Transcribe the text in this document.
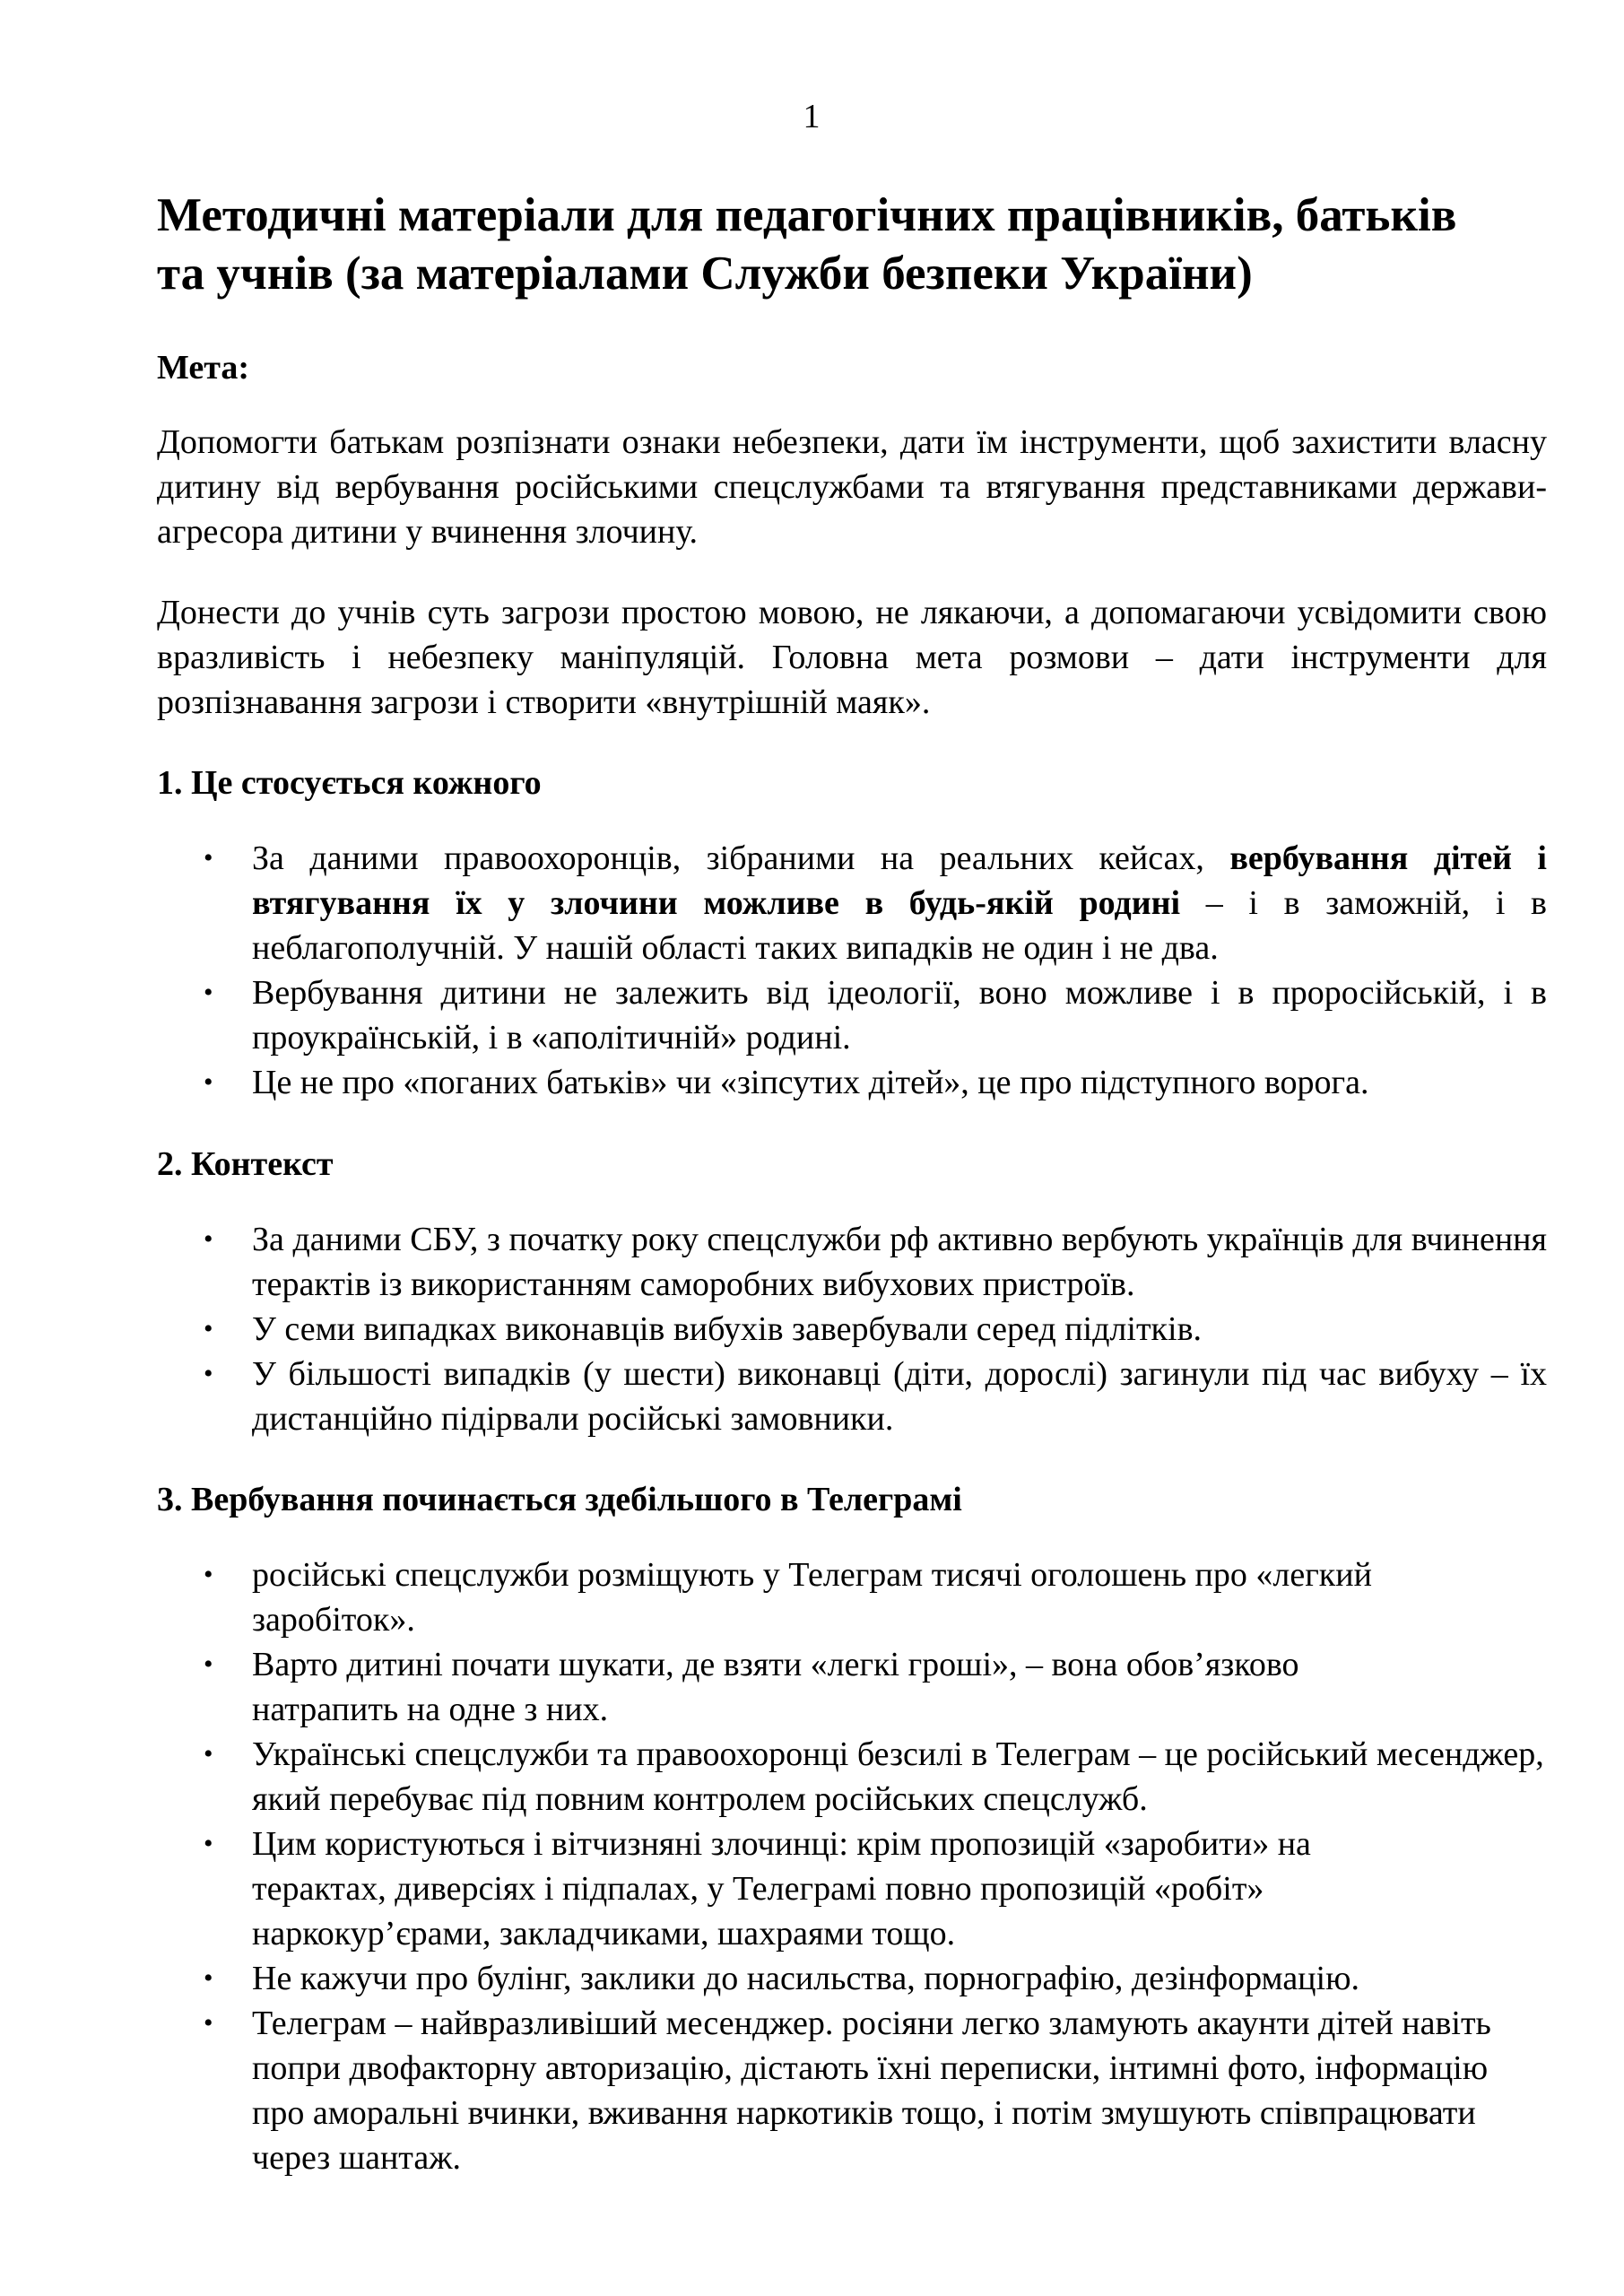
1
Методичні матеріали для педагогічних працівників, батьків
та учнів (за матеріалами Служби безпеки України)

Мета:

Допомогти батькам розпізнати ознаки небезпеки, дати їм інструменти, щоб захистити власну дитину від вербування російськими спецслужбами та втягування представниками держави-агресора дитини у вчинення злочину.

Донести до учнів суть загрози простою мовою, не лякаючи, а допомагаючи усвідомити свою вразливість і небезпеку маніпуляцій. Головна мета розмови – дати інструменти для розпізнавання загрози і створити «внутрішній маяк».

1. Це стосується кожного
• За даними правоохоронців, зібраними на реальних кейсах, вербування дітей і втягування їх у злочини можливе в будь-якій родині – і в заможній, і в неблагополучній. У нашій області таких випадків не один і не два.
• Вербування дитини не залежить від ідеології, воно можливе і в проросійській, і в проукраїнській, і в «аполітичній» родині.
• Це не про «поганих батьків» чи «зіпсутих дітей», це про підступного ворога.
2. Контекст
• За даними СБУ, з початку року спецслужби рф активно вербують українців для вчинення терактів із використанням саморобних вибухових пристроїв.
• У семи випадках виконавців вибухів завербували серед підлітків.
• У більшості випадків (у шести) виконавці (діти, дорослі) загинули під час вибуху – їх дистанційно підірвали російські замовники.
3. Вербування починається здебільшого в Телеграмі
• російські спецслужби розміщують у Телеграм тисячі оголошень про «легкий заробіток».
• Варто дитині почати шукати, де взяти «легкі гроші», – вона обов’язково натрапить на одне з них.
• Українські спецслужби та правоохоронці безсилі в Телеграм – це російський месенджер, який перебуває під повним контролем російських спецслужб.
• Цим користуються і вітчизняні злочинці: крім пропозицій «заробити» на терактах, диверсіях і підпалах, у Телеграмі повно пропозицій «робіт» наркокур’єрами, закладчиками, шахраями тощо.
• Не кажучи про булінг, заклики до насильства, порнографію, дезінформацію.
• Телеграм – найвразливіший месенджер. росіяни легко зламують акаунти дітей навіть попри двофакторну авторизацію, дістають їхні переписки, інтимні фото, інформацію про аморальні вчинки, вживання наркотиків тощо, і потім змушують співпрацювати через шантаж.
